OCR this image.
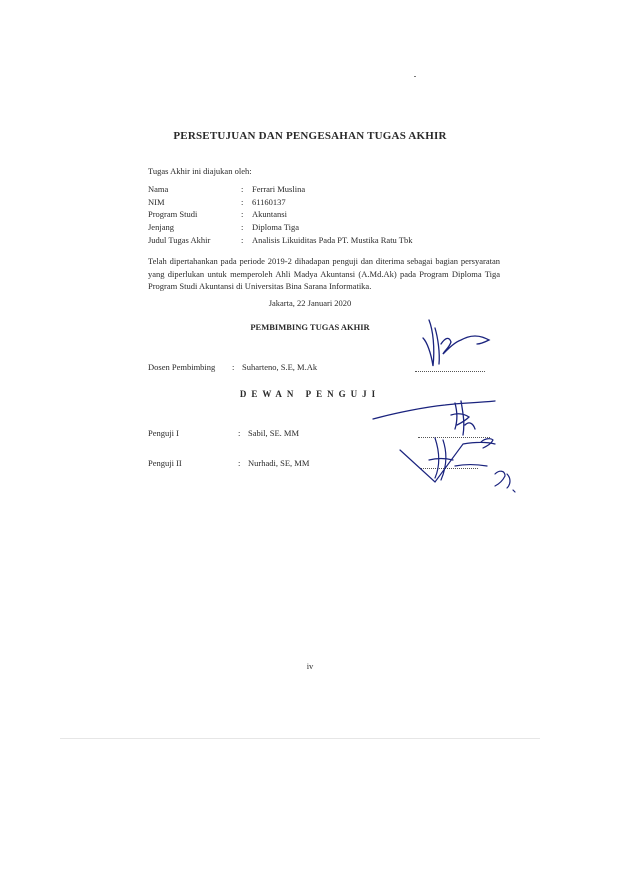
PERSETUJUAN DAN PENGESAHAN TUGAS AKHIR
Tugas Akhir ini diajukan oleh:
Nama	: Ferrari Muslina
NIM	: 61160137
Program Studi	: Akuntansi
Jenjang	: Diploma Tiga
Judul Tugas Akhir	: Analisis Likuiditas Pada PT. Mustika Ratu Tbk
Telah dipertahankan pada periode 2019-2 dihadapan penguji dan diterima sebagai bagian persyaratan yang diperlukan untuk memperoleh Ahli Madya Akuntansi (A.Md.Ak) pada Program Diploma Tiga Program Studi Akuntansi di Universitas Bina Sarana Informatika.
Jakarta, 22 Januari 2020
PEMBIMBING TUGAS AKHIR
Dosen Pembimbing : Suharteno, S.E, M.Ak
DEWAN PENGUJI
Penguji I	: Sabil, SE. MM
Penguji II	: Nurhadi, SE, MM
iv
